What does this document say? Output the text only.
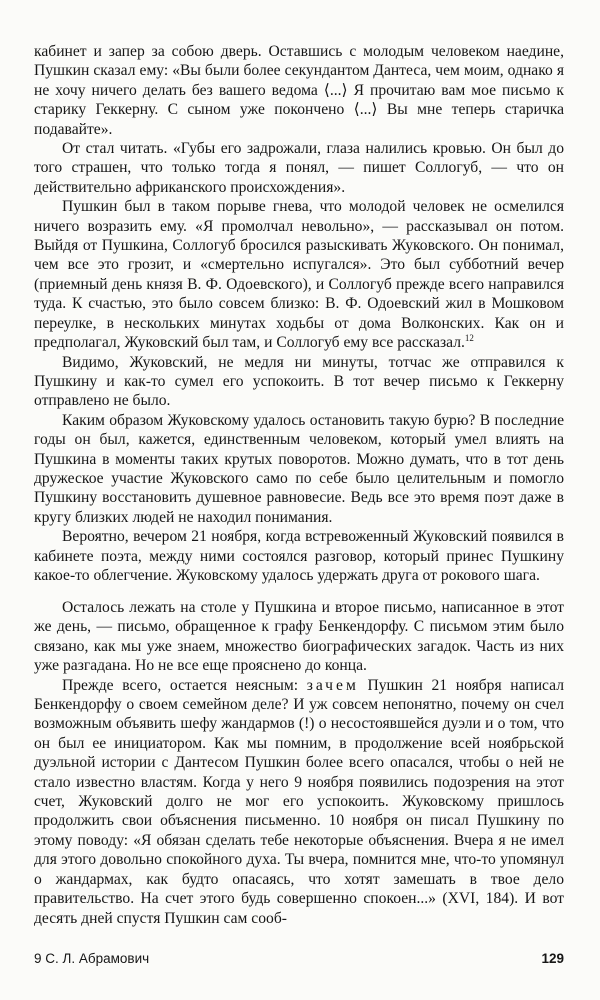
кабинет и запер за собою дверь. Оставшись с молодым человеком наедине, Пушкин сказал ему: «Вы были более секундантом Дантеса, чем моим, однако я не хочу ничего делать без вашего ведома ⟨...⟩ Я прочитаю вам мое письмо к старику Геккерну. С сыном уже покончено ⟨...⟩ Вы мне теперь старичка подавайте».

От стал читать. «Губы его задрожали, глаза налились кровью. Он был до того страшен, что только тогда я понял, — пишет Соллогуб, — что он действительно африканского происхождения».

Пушкин был в таком порыве гнева, что молодой человек не осмелился ничего возразить ему. «Я промолчал невольно», — рассказывал он потом. Выйдя от Пушкина, Соллогуб бросился разыскивать Жуковского. Он понимал, чем все это грозит, и «смертельно испугался». Это был субботний вечер (приемный день князя В. Ф. Одоевского), и Соллогуб прежде всего направился туда. К счастью, это было совсем близко: В. Ф. Одоевский жил в Мошковом переулке, в нескольких минутах ходьбы от дома Волконских. Как он и предполагал, Жуковский был там, и Соллогуб ему все рассказал.$^{12}$

Видимо, Жуковский, не медля ни минуты, тотчас же отправился к Пушкину и как-то сумел его успокоить. В тот вечер письмо к Геккерну отправлено не было.

Каким образом Жуковскому удалось остановить такую бурю? В последние годы он был, кажется, единственным человеком, который умел влиять на Пушкина в моменты таких крутых поворотов. Можно думать, что в тот день дружеское участие Жуковского само по себе было целительным и помогло Пушкину восстановить душевное равновесие. Ведь все это время поэт даже в кругу близких людей не находил понимания.

Вероятно, вечером 21 ноября, когда встревоженный Жуковский появился в кабинете поэта, между ними состоялся разговор, который принес Пушкину какое-то облегчение. Жуковскому удалось удержать друга от рокового шага.

Осталось лежать на столе у Пушкина и второе письмо, написанное в этот же день, — письмо, обращенное к графу Бенкендорфу. С письмом этим было связано, как мы уже знаем, множество биографических загадок. Часть из них уже разгадана. Но не все еще прояснено до конца.

Прежде всего, остается неясным: зачем Пушкин 21 ноября написал Бенкендорфу о своем семейном деле? И уж совсем непонятно, почему он счел возможным объявить шефу жандармов (!) о несостоявшейся дуэли и о том, что он был ее инициатором. Как мы помним, в продолжение всей ноябрьской дуэльной истории с Дантесом Пушкин более всего опасался, чтобы о ней не стало известно властям. Когда у него 9 ноября появились подозрения на этот счет, Жуковский долго не мог его успокоить. Жуковскому пришлось продолжить свои объяснения письменно. 10 ноября он писал Пушкину по этому поводу: «Я обязан сделать тебе некоторые объяснения. Вчера я не имел для этого довольно спокойного духа. Ты вчера, помнится мне, что-то упомянул о жандармах, как будто опасаясь, что хотят замешать в твое дело правительство. На счет этого будь совершенно спокоен...» (XVI, 184). И вот десять дней спустя Пушкин сам сооб-

9 С. Л. Абрамович	129
